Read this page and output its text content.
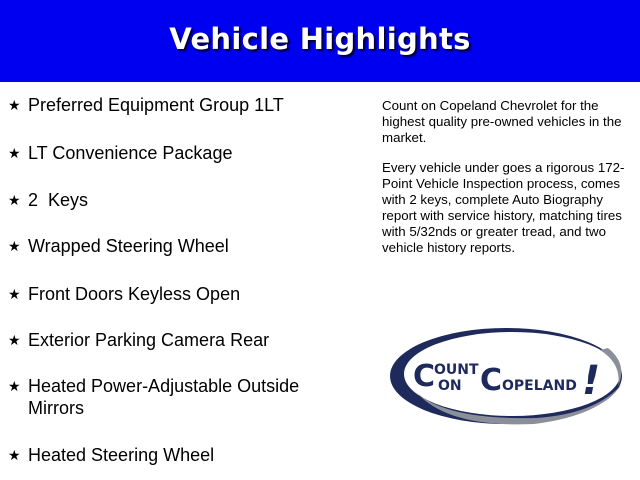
Vehicle Highlights
★ Preferred Equipment Group 1LT
★ LT Convenience Package
★ 2  Keys
★ Wrapped Steering Wheel
★ Front Doors Keyless Open
★ Exterior Parking Camera Rear
★ Heated Power-Adjustable Outside Mirrors
★ Heated Steering Wheel

Count on Copeland Chevrolet for the highest quality pre-owned vehicles in the market.

Every vehicle under goes a rigorous 172-Point Vehicle Inspection process, comes with 2 keys, complete Auto Biography report with service history, matching tires with 5/32nds or greater tread, and two vehicle history reports.

C
OUNT
ON C OPELAND !
